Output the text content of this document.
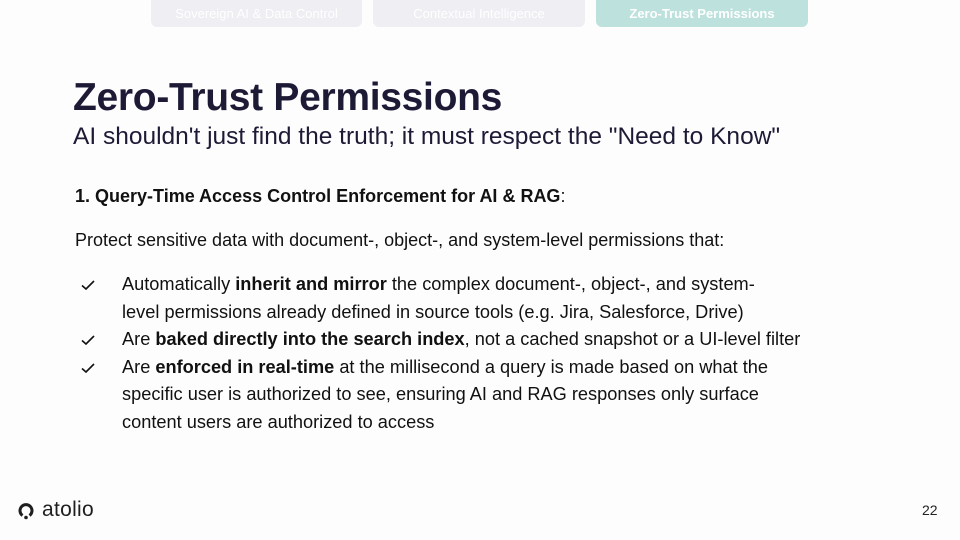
Sovereign AI & Data Control	Contextual Intelligence	Zero-Trust Permissions
Zero-Trust Permissions
AI shouldn't just find the truth; it must respect the "Need to Know"
1. Query-Time Access Control Enforcement for AI & RAG:
Protect sensitive data with document-, object-, and system-level permissions that:
Automatically inherit and mirror the complex document-, object-, and system-
level permissions already defined in source tools (e.g. Jira, Salesforce, Drive)
Are baked directly into the search index, not a cached snapshot or a UI-level filter
Are enforced in real-time at the millisecond a query is made based on what the
specific user is authorized to see, ensuring AI and RAG responses only surface
content users are authorized to access
atolio	22
